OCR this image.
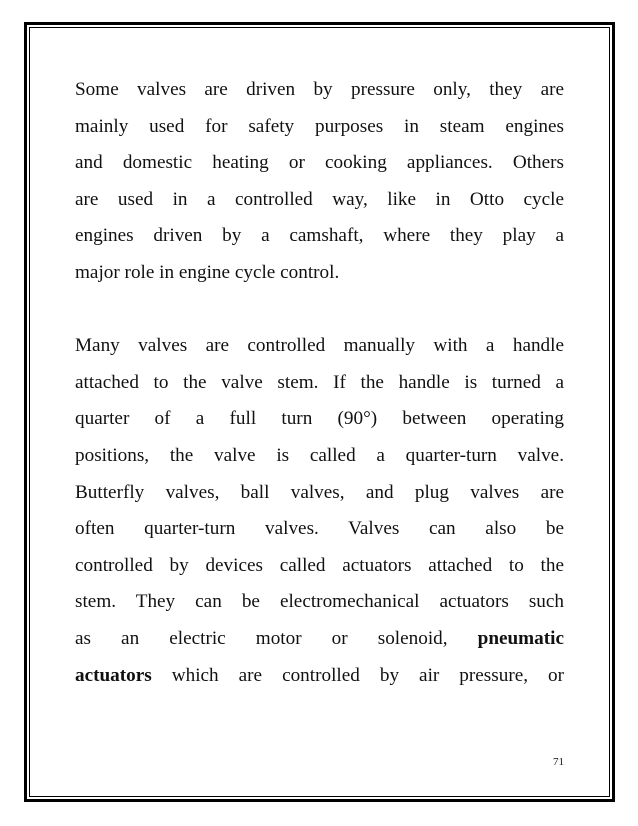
Some valves are driven by pressure only, they are
mainly used for safety purposes in steam engines
and domestic heating or cooking appliances. Others
are used in a controlled way, like in Otto cycle
engines driven by a camshaft, where they play a
major role in engine cycle control.
Many valves are controlled manually with a handle
attached to the valve stem. If the handle is turned a
quarter of a full turn (90°) between operating
positions, the valve is called a quarter-turn valve.
Butterfly valves, ball valves, and plug valves are
often quarter-turn valves. Valves can also be
controlled by devices called actuators attached to the
stem. They can be electromechanical actuators such
as an electric motor or solenoid, pneumatic
actuators which are controlled by air pressure, or
71
